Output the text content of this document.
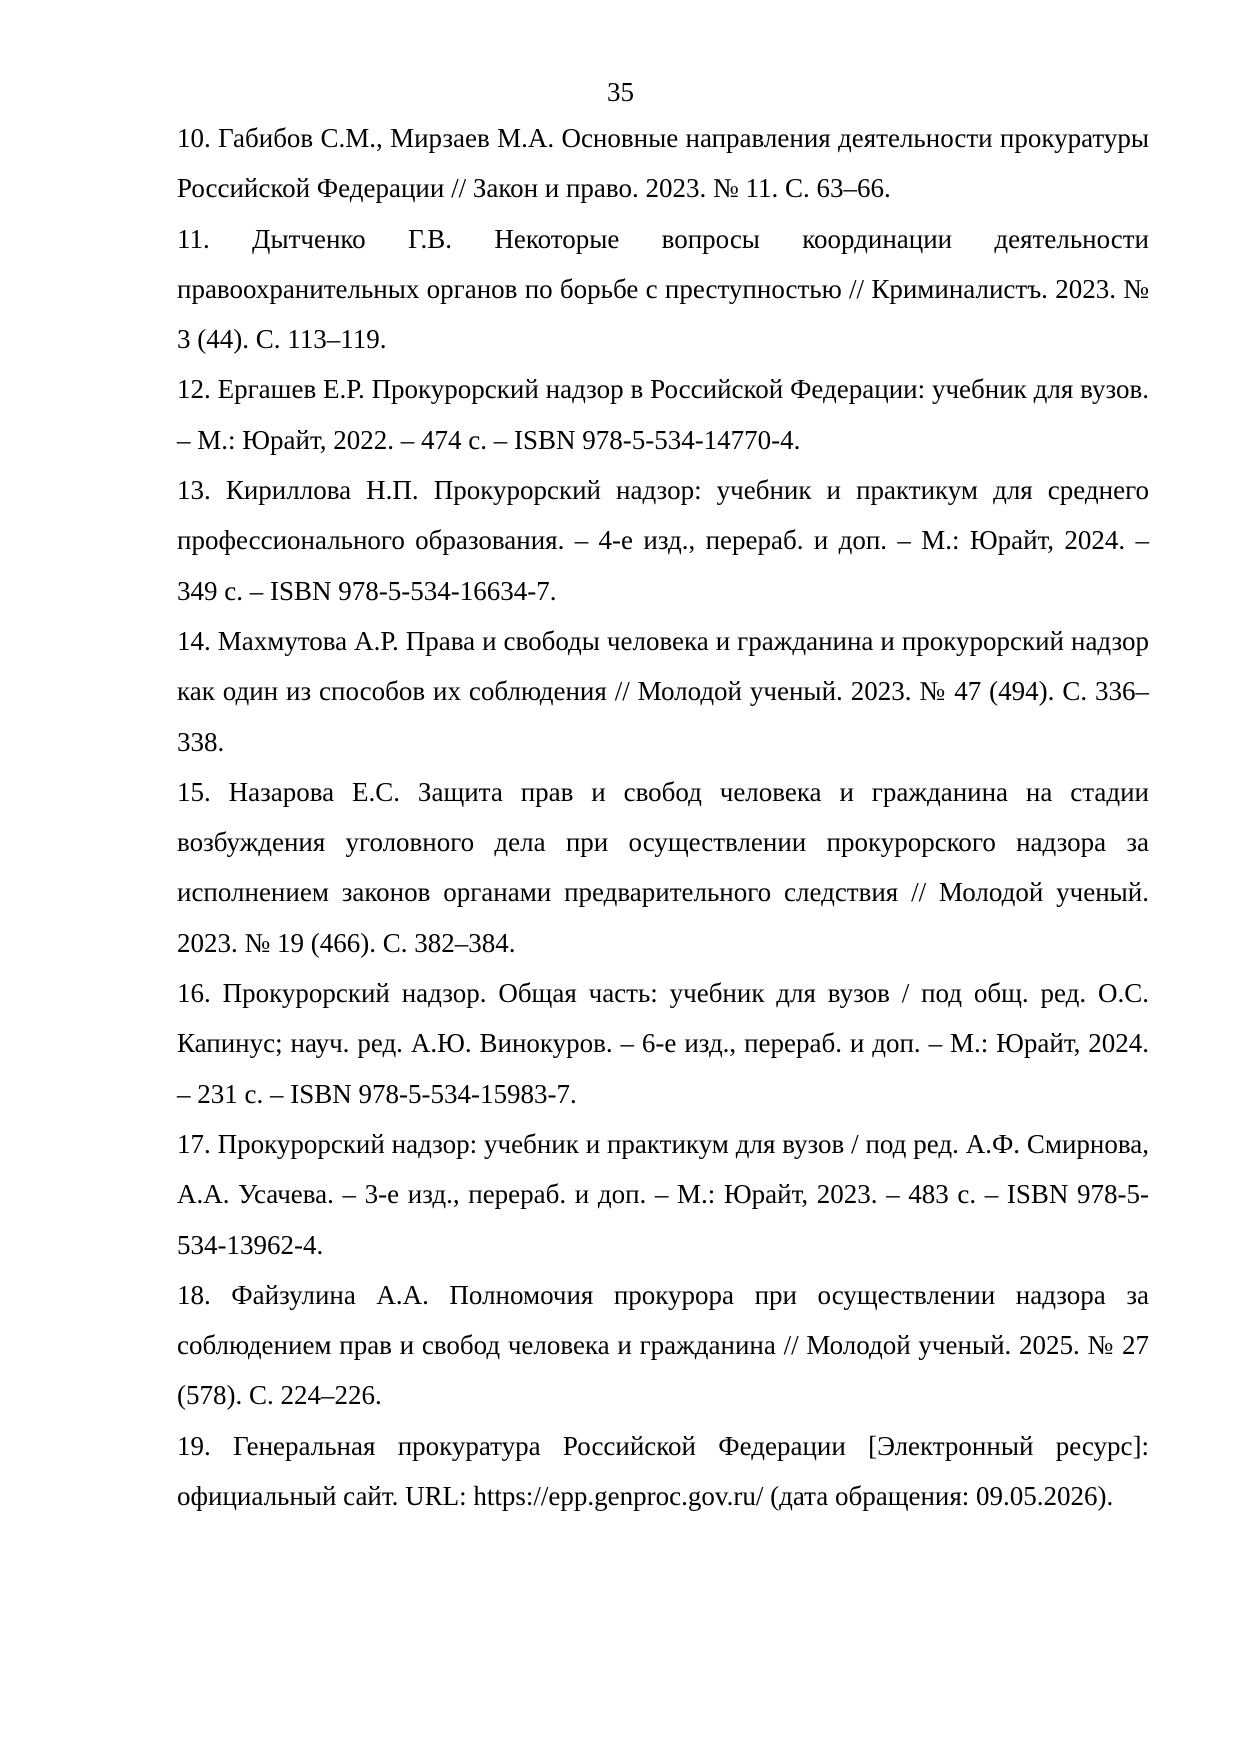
35
10. Габибов С.М., Мирзаев М.А. Основные направления деятельности прокуратуры Российской Федерации // Закон и право. 2023. № 11. С. 63–66.
11. Дытченко Г.В. Некоторые вопросы координации деятельности правоохранительных органов по борьбе с преступностью // Криминалистъ. 2023. № 3 (44). С. 113–119.
12. Ергашев Е.Р. Прокурорский надзор в Российской Федерации: учебник для вузов. – М.: Юрайт, 2022. – 474 с. – ISBN 978-5-534-14770-4.
13. Кириллова Н.П. Прокурорский надзор: учебник и практикум для среднего профессионального образования. – 4-е изд., перераб. и доп. – М.: Юрайт, 2024. – 349 с. – ISBN 978-5-534-16634-7.
14. Махмутова А.Р. Права и свободы человека и гражданина и прокурорский надзор как один из способов их соблюдения // Молодой ученый. 2023. № 47 (494). С. 336–338.
15. Назарова Е.С. Защита прав и свобод человека и гражданина на стадии возбуждения уголовного дела при осуществлении прокурорского надзора за исполнением законов органами предварительного следствия // Молодой ученый. 2023. № 19 (466). С. 382–384.
16. Прокурорский надзор. Общая часть: учебник для вузов / под общ. ред. О.С. Капинус; науч. ред. А.Ю. Винокуров. – 6-е изд., перераб. и доп. – М.: Юрайт, 2024. – 231 с. – ISBN 978-5-534-15983-7.
17. Прокурорский надзор: учебник и практикум для вузов / под ред. А.Ф. Смирнова, А.А. Усачева. – 3-е изд., перераб. и доп. – М.: Юрайт, 2023. – 483 с. – ISBN 978-5-534-13962-4.
18. Файзулина А.А. Полномочия прокурора при осуществлении надзора за соблюдением прав и свобод человека и гражданина // Молодой ученый. 2025. № 27 (578). С. 224–226.
19. Генеральная прокуратура Российской Федерации [Электронный ресурс]: официальный сайт. URL: https://epp.genproc.gov.ru/ (дата обращения: 09.05.2026).
